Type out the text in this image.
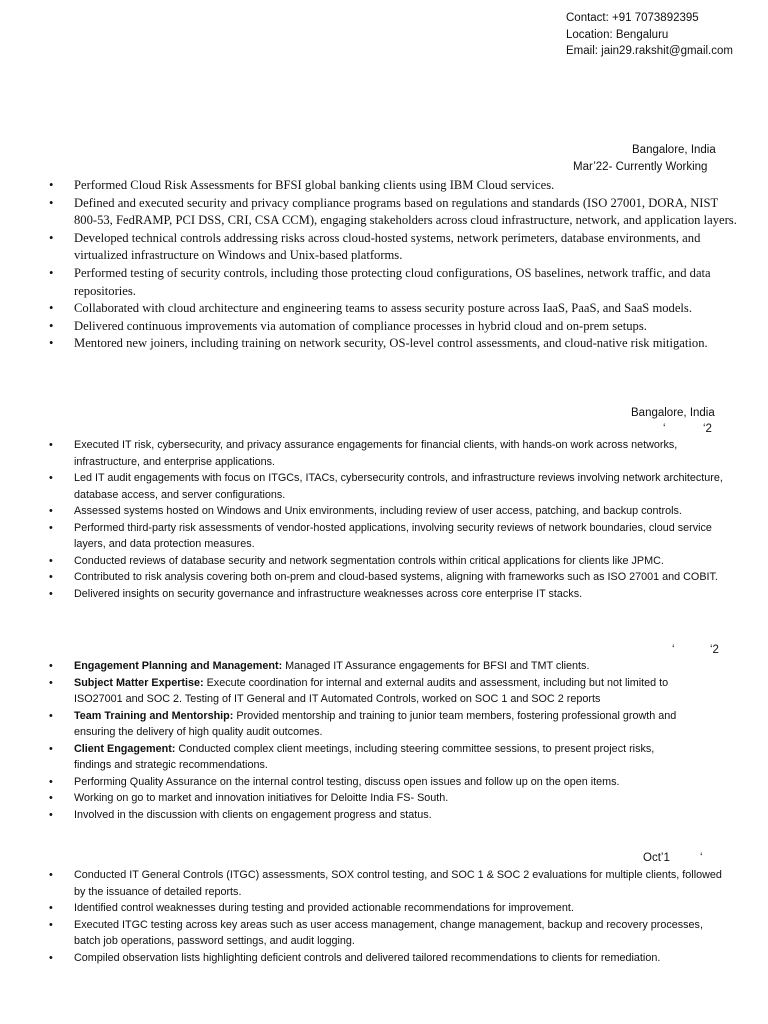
Contact: +91 7073892395
Location: Bengaluru
Email: jain29.rakshit@gmail.com
Bangalore, India
Mar’22- Currently Working
• Performed Cloud Risk Assessments for BFSI global banking clients using IBM Cloud services.
• Defined and executed security and privacy compliance programs based on regulations and standards (ISO 27001, DORA, NIST 800-53, FedRAMP, PCI DSS, CRI, CSA CCM), engaging stakeholders across cloud infrastructure, network, and application layers.
• Developed technical controls addressing risks across cloud-hosted systems, network perimeters, database environments, and virtualized infrastructure on Windows and Unix-based platforms.
• Performed testing of security controls, including those protecting cloud configurations, OS baselines, network traffic, and data repositories.
• Collaborated with cloud architecture and engineering teams to assess security posture across IaaS, PaaS, and SaaS models.
• Delivered continuous improvements via automation of compliance processes in hybrid cloud and on-prem setups.
• Mentored new joiners, including training on network security, OS-level control assessments, and cloud-native risk mitigation.
Bangalore, India
‘	‘2
• Executed IT risk, cybersecurity, and privacy assurance engagements for financial clients, with hands-on work across networks, infrastructure, and enterprise applications.
• Led IT audit engagements with focus on ITGCs, ITACs, cybersecurity controls, and infrastructure reviews involving network architecture, database access, and server configurations.
• Assessed systems hosted on Windows and Unix environments, including review of user access, patching, and backup controls.
• Performed third-party risk assessments of vendor-hosted applications, involving security reviews of network boundaries, cloud service layers, and data protection measures.
• Conducted reviews of database security and network segmentation controls within critical applications for clients like JPMC.
• Contributed to risk analysis covering both on-prem and cloud-based systems, aligning with frameworks such as ISO 27001 and COBIT.
• Delivered insights on security governance and infrastructure weaknesses across core enterprise IT stacks.
‘	‘2
• Engagement Planning and Management: Managed IT Assurance engagements for BFSI and TMT clients.
• Subject Matter Expertise: Execute coordination for internal and external audits and assessment, including but not limited to ISO27001 and SOC 2. Testing of IT General and IT Automated Controls, worked on SOC 1 and SOC 2 reports
• Team Training and Mentorship: Provided mentorship and training to junior team members, fostering professional growth and ensuring the delivery of high quality audit outcomes.
• Client Engagement: Conducted complex client meetings, including steering committee sessions, to present project risks, findings and strategic recommendations.
• Performing Quality Assurance on the internal control testing, discuss open issues and follow up on the open items.
• Working on go to market and innovation initiatives for Deloitte India FS- South.
• Involved in the discussion with clients on engagement progress and status.
Oct’1	‘
• Conducted IT General Controls (ITGC) assessments, SOX control testing, and SOC 1 & SOC 2 evaluations for multiple clients, followed by the issuance of detailed reports.
• Identified control weaknesses during testing and provided actionable recommendations for improvement.
• Executed ITGC testing across key areas such as user access management, change management, backup and recovery processes, batch job operations, password settings, and audit logging.
• Compiled observation lists highlighting deficient controls and delivered tailored recommendations to clients for remediation.
